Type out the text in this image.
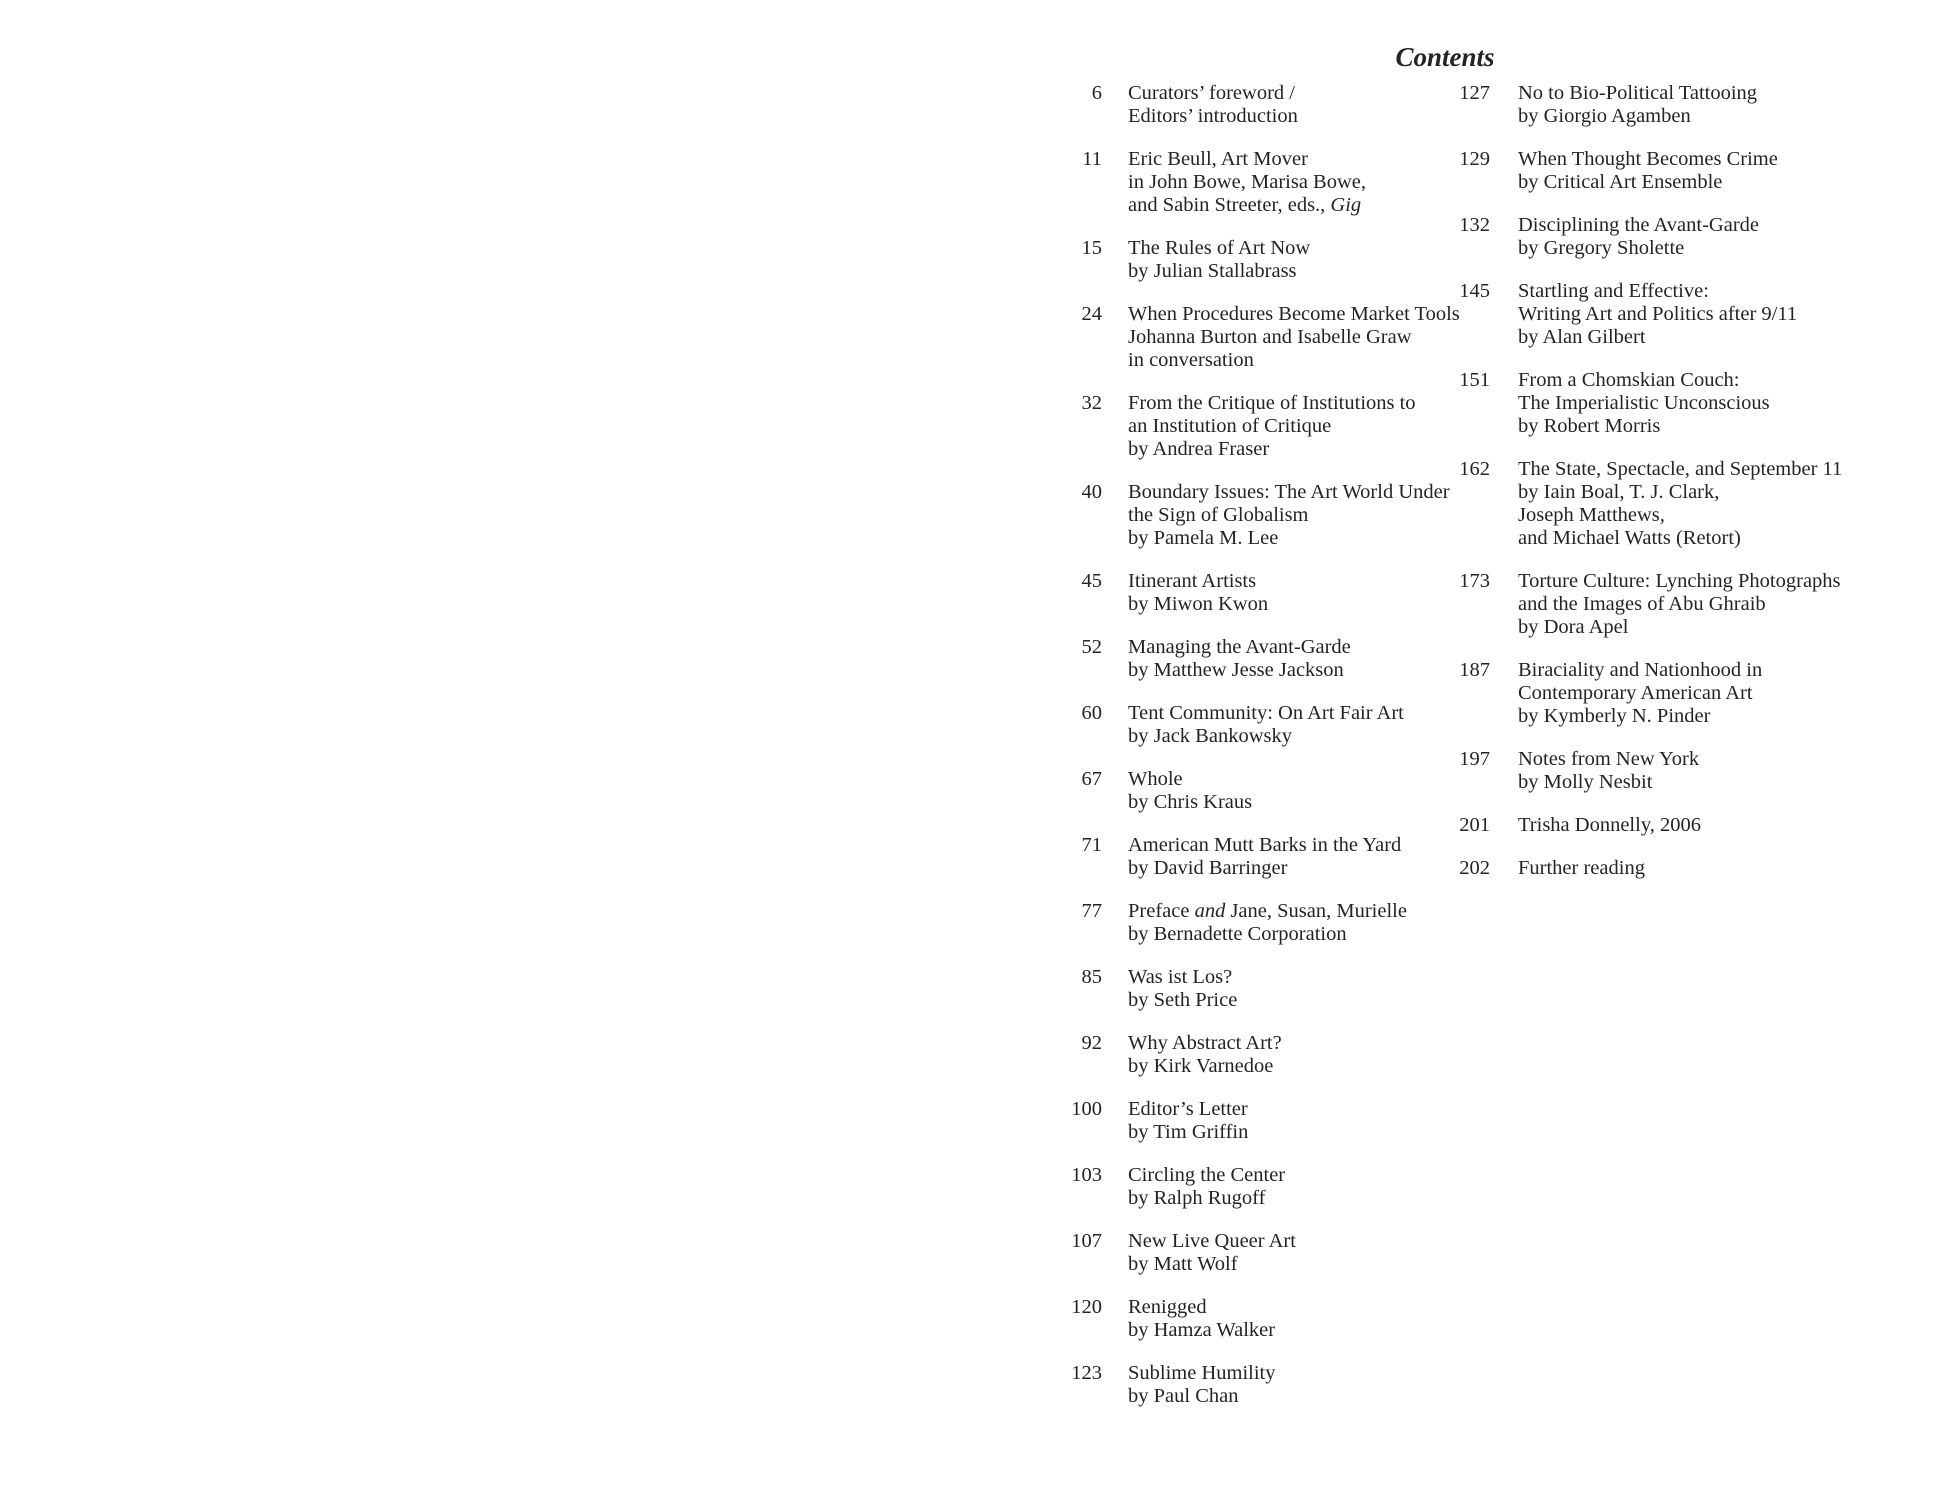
Contents
6 Curators’ foreword /
Editors’ introduction
11 Eric Beull, Art Mover
in John Bowe, Marisa Bowe,
and Sabin Streeter, eds., Gig
15 The Rules of Art Now
by Julian Stallabrass
24 When Procedures Become Market Tools
Johanna Burton and Isabelle Graw
in conversation
32 From the Critique of Institutions to
an Institution of Critique
by Andrea Fraser
40 Boundary Issues: The Art World Under
the Sign of Globalism
by Pamela M. Lee
45 Itinerant Artists
by Miwon Kwon
52 Managing the Avant-Garde
by Matthew Jesse Jackson
60 Tent Community: On Art Fair Art
by Jack Bankowsky
67 Whole
by Chris Kraus
71 American Mutt Barks in the Yard
by David Barringer
77 Preface and Jane, Susan, Murielle
by Bernadette Corporation
85 Was ist Los?
by Seth Price
92 Why Abstract Art?
by Kirk Varnedoe
100 Editor’s Letter
by Tim Griffin
103 Circling the Center
by Ralph Rugoff
107 New Live Queer Art
by Matt Wolf
120 Renigged
by Hamza Walker
123 Sublime Humility
by Paul Chan
127 No to Bio-Political Tattooing
by Giorgio Agamben
129 When Thought Becomes Crime
by Critical Art Ensemble
132 Disciplining the Avant-Garde
by Gregory Sholette
145 Startling and Effective:
Writing Art and Politics after 9/11
by Alan Gilbert
151 From a Chomskian Couch:
The Imperialistic Unconscious
by Robert Morris
162 The State, Spectacle, and September 11
by Iain Boal, T. J. Clark,
Joseph Matthews,
and Michael Watts (Retort)
173 Torture Culture: Lynching Photographs
and the Images of Abu Ghraib
by Dora Apel
187 Biraciality and Nationhood in
Contemporary American Art
by Kymberly N. Pinder
197 Notes from New York
by Molly Nesbit
201 Trisha Donnelly, 2006
202 Further reading
